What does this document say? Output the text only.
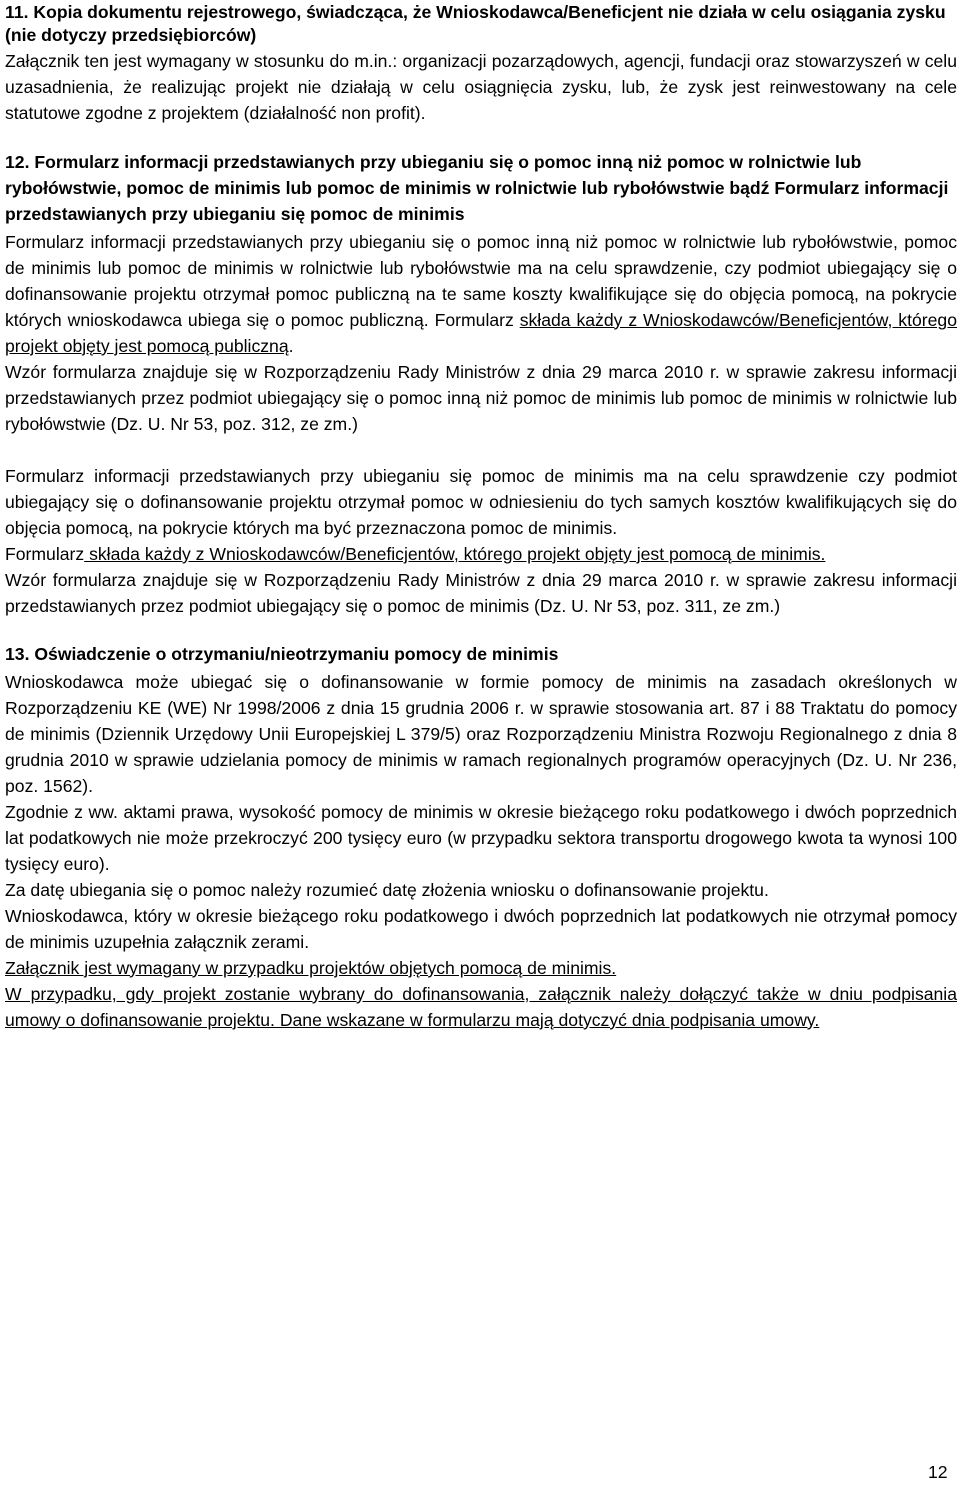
11. Kopia dokumentu rejestrowego, świadcząca, że Wnioskodawca/Beneficjent nie działa w celu osiągania zysku (nie dotyczy przedsiębiorców)

Załącznik ten jest wymagany w stosunku do m.in.: organizacji pozarządowych, agencji, fundacji oraz stowarzyszeń w celu uzasadnienia, że realizując projekt nie działają w celu osiągnięcia zysku, lub, że zysk jest reinwestowany na cele statutowe zgodne z projektem (działalność non profit).

12. Formularz informacji przedstawianych przy ubieganiu się o pomoc inną niż pomoc w rolnictwie lub rybołówstwie, pomoc de minimis lub pomoc de minimis w rolnictwie lub rybołówstwie bądź Formularz informacji przedstawianych przy ubieganiu się pomoc de minimis

Formularz informacji przedstawianych przy ubieganiu się o pomoc inną niż pomoc w rolnictwie lub rybołówstwie, pomoc de minimis lub pomoc de minimis w rolnictwie lub rybołówstwie ma na celu sprawdzenie, czy podmiot ubiegający się o dofinansowanie projektu otrzymał pomoc publiczną na te same koszty kwalifikujące się do objęcia pomocą, na pokrycie których wnioskodawca ubiega się o pomoc publiczną. Formularz składa każdy z Wnioskodawców/Beneficjentów, którego projekt objęty jest pomocą publiczną.

Wzór formularza znajduje się w Rozporządzeniu Rady Ministrów z dnia 29 marca 2010 r. w sprawie zakresu informacji przedstawianych przez podmiot ubiegający się o pomoc inną niż pomoc de minimis lub pomoc de minimis w rolnictwie lub rybołówstwie (Dz. U. Nr 53, poz. 312, ze zm.)

Formularz informacji przedstawianych przy ubieganiu się pomoc de minimis ma na celu sprawdzenie czy podmiot ubiegający się o dofinansowanie projektu otrzymał pomoc w odniesieniu do tych samych kosztów kwalifikujących się do objęcia pomocą, na pokrycie których ma być przeznaczona pomoc de minimis.

Formularz składa każdy z Wnioskodawców/Beneficjentów, którego projekt objęty jest pomocą de minimis.

Wzór formularza znajduje się w Rozporządzeniu Rady Ministrów z dnia 29 marca 2010 r. w sprawie zakresu informacji przedstawianych przez podmiot ubiegający się o pomoc de minimis (Dz. U. Nr 53, poz. 311, ze zm.)

13. Oświadczenie o otrzymaniu/nieotrzymaniu pomocy de minimis

Wnioskodawca może ubiegać się o dofinansowanie w formie pomocy de minimis na zasadach określonych w Rozporządzeniu KE (WE) Nr 1998/2006 z dnia 15 grudnia 2006 r. w sprawie stosowania art. 87 i 88 Traktatu do pomocy de minimis (Dziennik Urzędowy Unii Europejskiej L 379/5) oraz Rozporządzeniu Ministra Rozwoju Regionalnego z dnia 8 grudnia 2010 w sprawie udzielania pomocy de minimis w ramach regionalnych programów operacyjnych (Dz. U. Nr 236, poz. 1562).

Zgodnie z ww. aktami prawa, wysokość pomocy de minimis w okresie bieżącego roku podatkowego i dwóch poprzednich lat podatkowych nie może przekroczyć 200 tysięcy euro (w przypadku sektora transportu drogowego kwota ta wynosi 100 tysięcy euro).

Za datę ubiegania się o pomoc należy rozumieć datę złożenia wniosku o dofinansowanie projektu.

Wnioskodawca, który w okresie bieżącego roku podatkowego i dwóch poprzednich lat podatkowych nie otrzymał pomocy de minimis uzupełnia załącznik zerami.

Załącznik jest wymagany w przypadku projektów objętych pomocą de minimis.

W przypadku, gdy projekt zostanie wybrany do dofinansowania, załącznik należy dołączyć także w dniu podpisania umowy o dofinansowanie projektu. Dane wskazane w formularzu mają dotyczyć dnia podpisania umowy.

12
